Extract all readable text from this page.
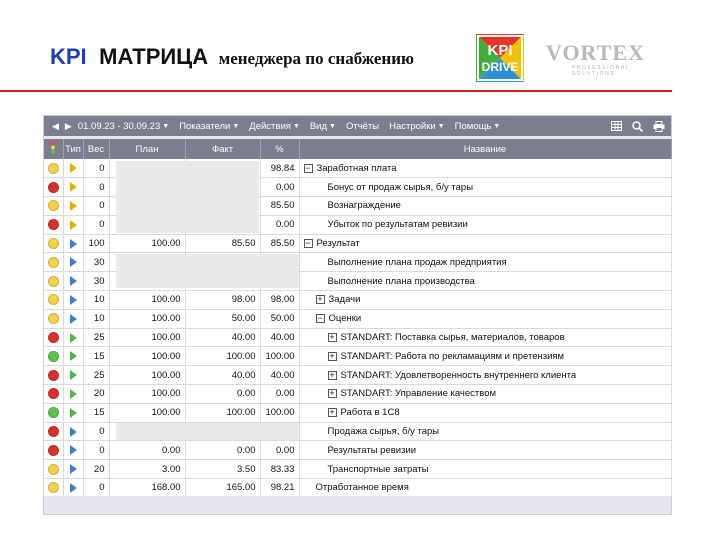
KPI МАТРИЦА менеджера по снабжению	KPI
DRIVE
VORTEX
PROFESSIONAL SOLUTIONS
◀ ▶ 01.09.23 - 30.09.23 ▼ Показатели ▼ Действия ▼ Вид ▼ Отчёты Настройки ▼ Помощь ▼
	Тип	Вес	План	Факт	%	Название
		0			98.84	− Заработная плата
		0			0.00	Бонус от продаж сырья, б/у тары
		0			85.50	Вознаграждение
		0			0.00	Убыток по результатам ревизии
		100	100.00	85.50	85.50	− Результат
		30				Выполнение плана продаж предприятия
		30				Выполнение плана производства
		10	100.00	98.00	98.00	+ Задачи
		10	100.00	50.00	50.00	− Оценки
		25	100.00	40.00	40.00	+ STANDART: Поставка сырья, материалов, товаров
		15	100.00	100.00	100.00	+ STANDART: Работа по рекламациям и претензиям
		25	100.00	40.00	40.00	+ STANDART: Удовлетворенность внутреннего клиента
		20	100.00	0.00	0.00	+ STANDART: Управление качеством
		15	100.00	100.00	100.00	+ Работа в 1С8
		0				Продажа сырья, б/у тары
		0	0.00	0.00	0.00	Результаты ревизии
		20	3.00	3.50	83.33	Транспортные затраты
		0	168.00	165.00	98.21	Отработанное время
